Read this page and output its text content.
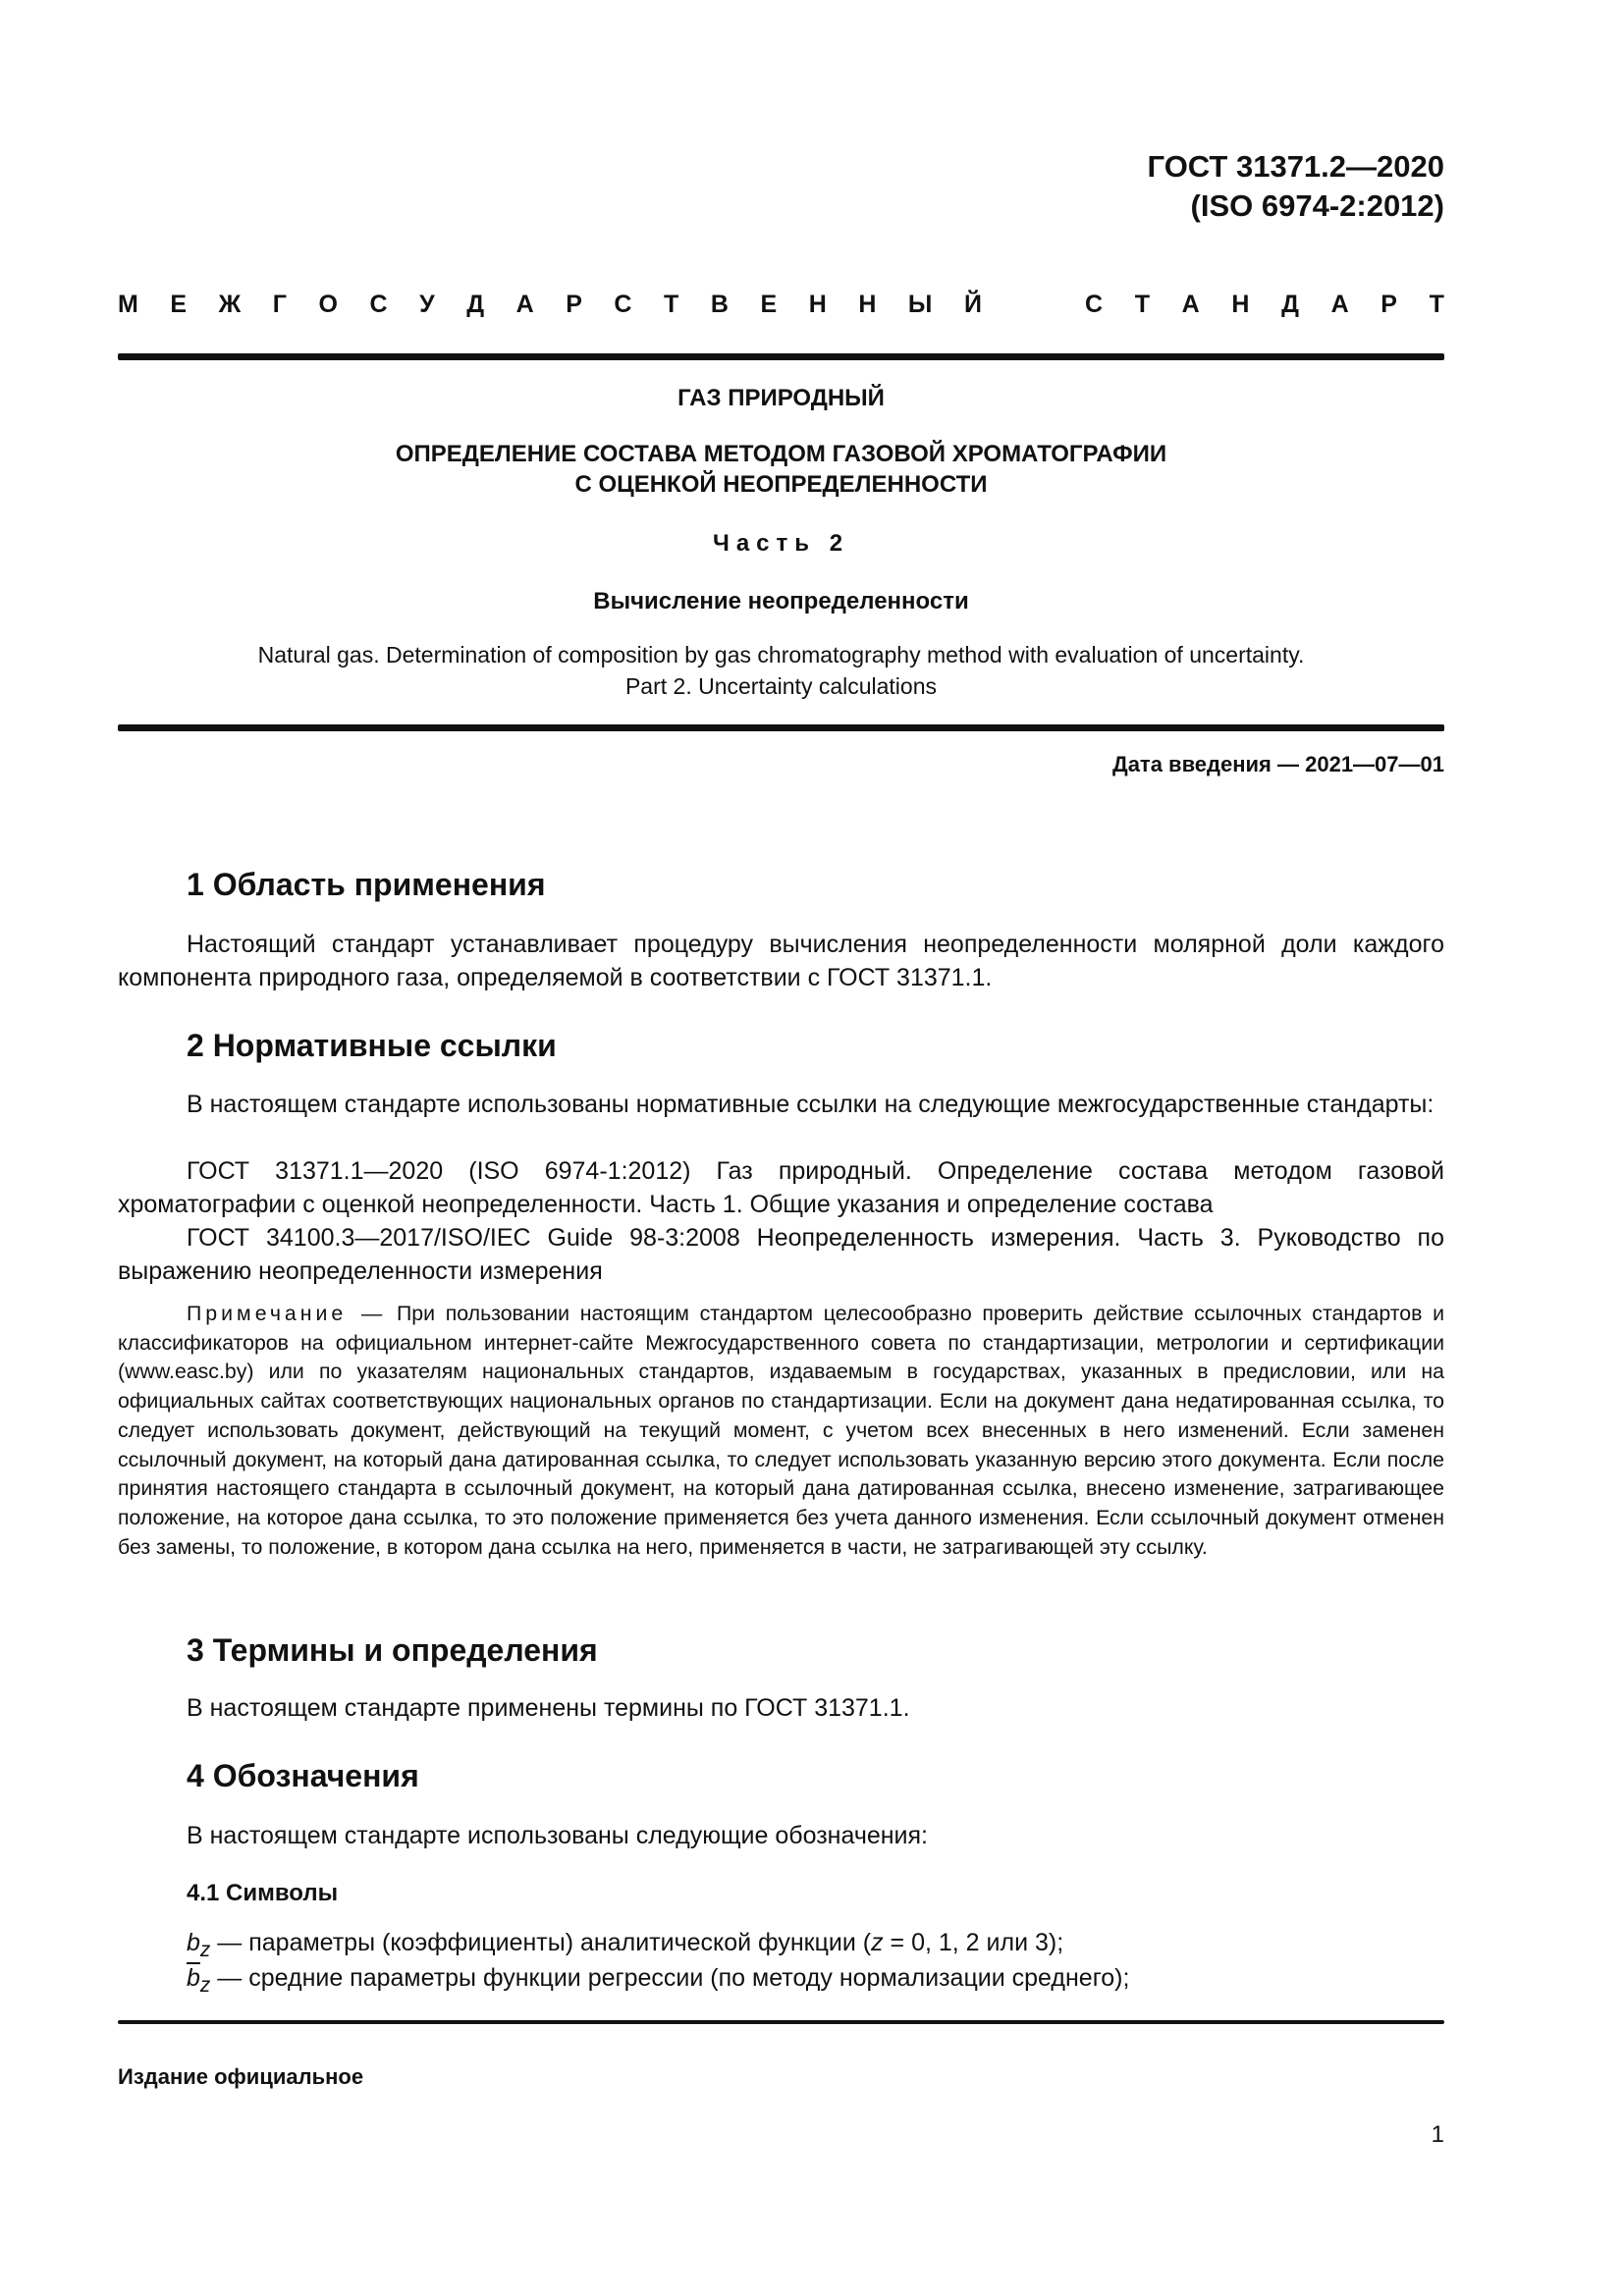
ГОСТ 31371.2—2020
(ISO 6974-2:2012)
М Е Ж Г О С У Д А Р С Т В Е Н Н Ы Й	С Т А Н Д А Р Т
ГАЗ ПРИРОДНЫЙ
ОПРЕДЕЛЕНИЕ СОСТАВА МЕТОДОМ ГАЗОВОЙ ХРОМАТОГРАФИИ
С ОЦЕНКОЙ НЕОПРЕДЕЛЕННОСТИ
Часть 2
Вычисление неопределенности
Natural gas. Determination of composition by gas chromatography method with evaluation of uncertainty.
Part 2. Uncertainty calculations
Дата введения — 2021—07—01
1 Область применения
Настоящий стандарт устанавливает процедуру вычисления неопределенности молярной доли каждого компонента природного газа, определяемой в соответствии с ГОСТ 31371.1.
2 Нормативные ссылки
В настоящем стандарте использованы нормативные ссылки на следующие межгосударственные стандарты:
ГОСТ 31371.1—2020 (ISO 6974-1:2012) Газ природный. Определение состава методом газовой хроматографии с оценкой неопределенности. Часть 1. Общие указания и определение состава
ГОСТ 34100.3—2017/ISO/IEC Guide 98-3:2008 Неопределенность измерения. Часть 3. Руководство по выражению неопределенности измерения
Примечание — При пользовании настоящим стандартом целесообразно проверить действие ссылочных стандартов и классификаторов на официальном интернет-сайте Межгосударственного совета по стандартизации, метрологии и сертификации (www.easc.by) или по указателям национальных стандартов, издаваемым в государствах, указанных в предисловии, или на официальных сайтах соответствующих национальных органов по стандартизации. Если на документ дана недатированная ссылка, то следует использовать документ, действующий на текущий момент, с учетом всех внесенных в него изменений. Если заменен ссылочный документ, на который дана датированная ссылка, то следует использовать указанную версию этого документа. Если после принятия настоящего стандарта в ссылочный документ, на который дана датированная ссылка, внесено изменение, затрагивающее положение, на которое дана ссылка, то это положение применяется без учета данного изменения. Если ссылочный документ отменен без замены, то положение, в котором дана ссылка на него, применяется в части, не затрагивающей эту ссылку.
3 Термины и определения
В настоящем стандарте применены термины по ГОСТ 31371.1.
4 Обозначения
В настоящем стандарте использованы следующие обозначения:
4.1 Символы
$b_z$ — параметры (коэффициенты) аналитической функции (z = 0, 1, 2 или 3);
$\overline{b}_z$ — средние параметры функции регрессии (по методу нормализации среднего);
Издание официальное
1
